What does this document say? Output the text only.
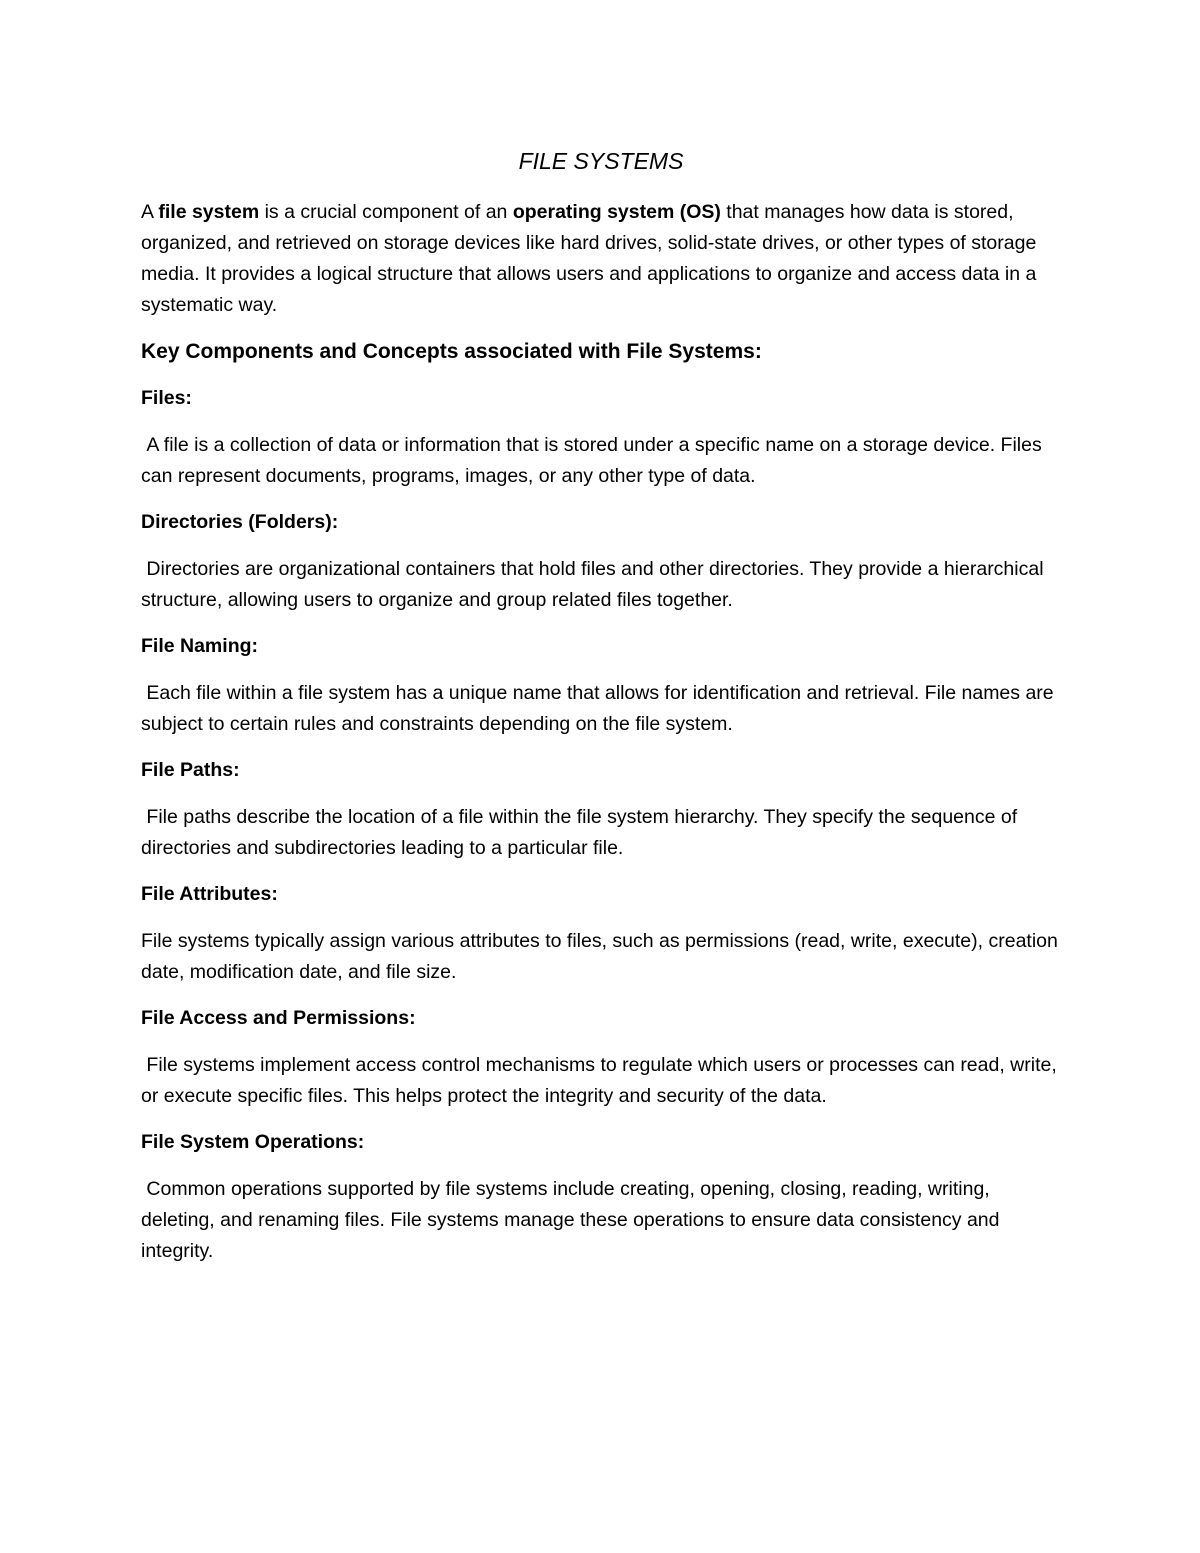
FILE SYSTEMS

A file system is a crucial component of an operating system (OS) that manages how data is stored, organized, and retrieved on storage devices like hard drives, solid-state drives, or other types of storage media. It provides a logical structure that allows users and applications to organize and access data in a systematic way.

Key Components and Concepts associated with File Systems:
Files:

A file is a collection of data or information that is stored under a specific name on a storage device. Files can represent documents, programs, images, or any other type of data.

Directories (Folders):

Directories are organizational containers that hold files and other directories. They provide a hierarchical structure, allowing users to organize and group related files together.

File Naming:

Each file within a file system has a unique name that allows for identification and retrieval. File names are subject to certain rules and constraints depending on the file system.

File Paths:

File paths describe the location of a file within the file system hierarchy. They specify the sequence of directories and subdirectories leading to a particular file.

File Attributes:

File systems typically assign various attributes to files, such as permissions (read, write, execute), creation date, modification date, and file size.

File Access and Permissions:

File systems implement access control mechanisms to regulate which users or processes can read, write, or execute specific files. This helps protect the integrity and security of the data.

File System Operations:

Common operations supported by file systems include creating, opening, closing, reading, writing, deleting, and renaming files. File systems manage these operations to ensure data consistency and integrity.
